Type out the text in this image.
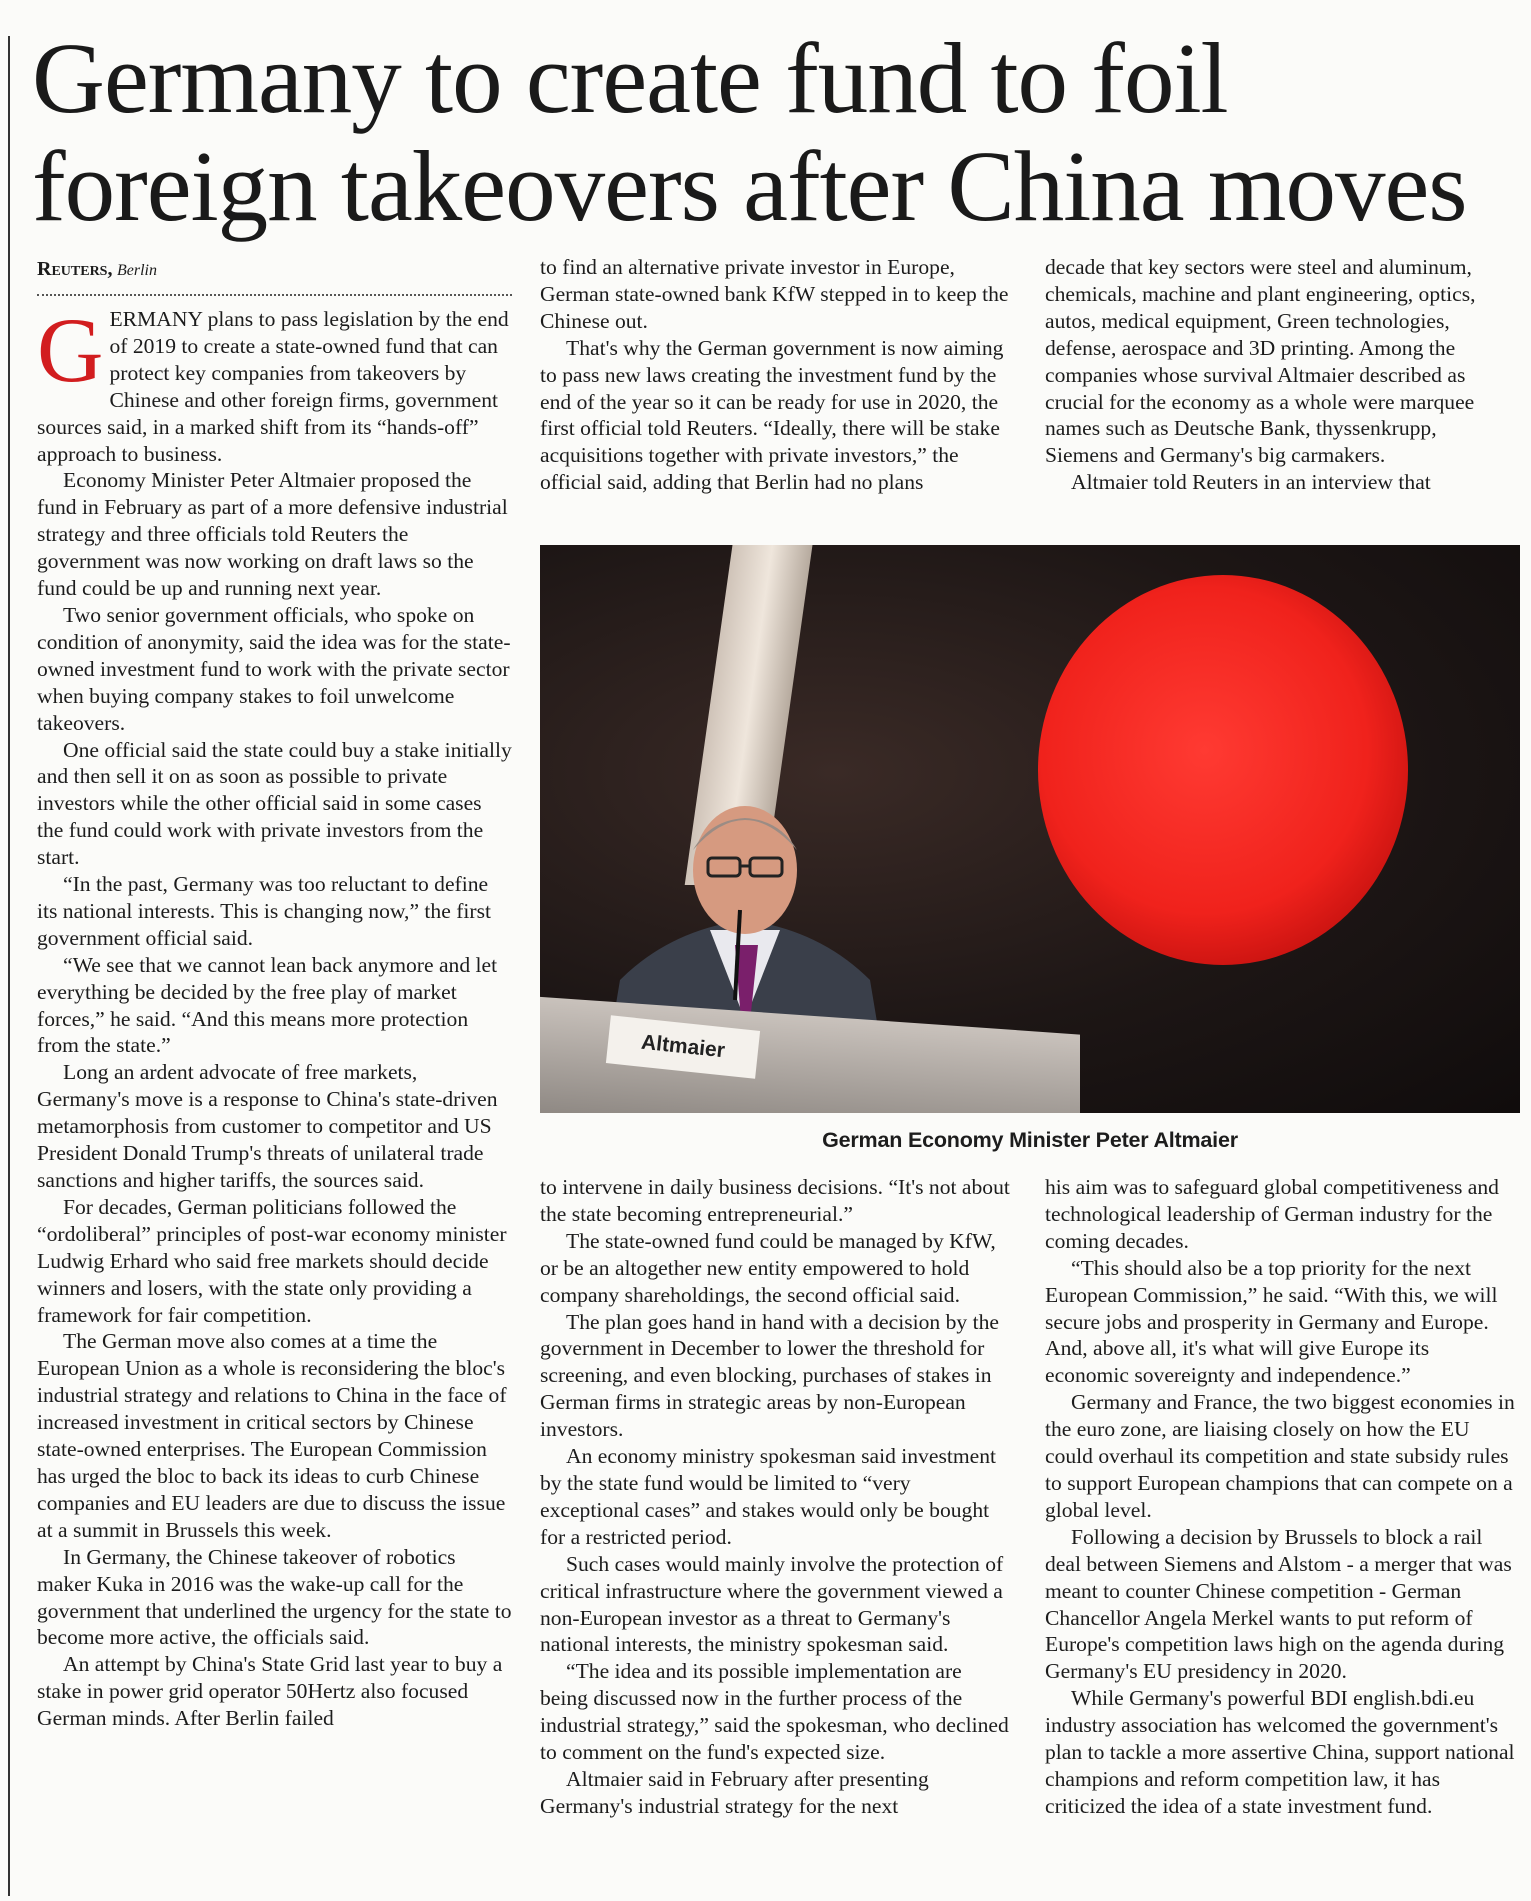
Germany to create fund to foil foreign takeovers after China moves
Reuters, Berlin

GERMANY plans to pass legislation by the end of 2019 to create a state-owned fund that can protect key companies from takeovers by Chinese and other foreign firms, government sources said, in a marked shift from its “hands-off” approach to business.

Economy Minister Peter Altmaier proposed the fund in February as part of a more defensive industrial strategy and three officials told Reuters the government was now working on draft laws so the fund could be up and running next year.

Two senior government officials, who spoke on condition of anonymity, said the idea was for the state-owned investment fund to work with the private sector when buying company stakes to foil unwelcome takeovers.

One official said the state could buy a stake initially and then sell it on as soon as possible to private investors while the other official said in some cases the fund could work with private investors from the start.

“In the past, Germany was too reluctant to define its national interests. This is changing now,” the first government official said.

“We see that we cannot lean back anymore and let everything be decided by the free play of market forces,” he said. “And this means more protection from the state.”

Long an ardent advocate of free markets, Germany's move is a response to China's state-driven metamorphosis from customer to competitor and US President Donald Trump's threats of unilateral trade sanctions and higher tariffs, the sources said.

For decades, German politicians followed the “ordoliberal” principles of post-war economy minister Ludwig Erhard who said free markets should decide winners and losers, with the state only providing a framework for fair competition.

The German move also comes at a time the European Union as a whole is reconsidering the bloc's industrial strategy and relations to China in the face of increased investment in critical sectors by Chinese state-owned enterprises. The European Commission has urged the bloc to back its ideas to curb Chinese companies and EU leaders are due to discuss the issue at a summit in Brussels this week.

In Germany, the Chinese takeover of robotics maker Kuka in 2016 was the wake-up call for the government that underlined the urgency for the state to become more active, the officials said.

An attempt by China's State Grid last year to buy a stake in power grid operator 50Hertz also focused German minds. After Berlin failed

to find an alternative private investor in Europe, German state-owned bank KfW stepped in to keep the Chinese out.

That's why the German government is now aiming to pass new laws creating the investment fund by the end of the year so it can be ready for use in 2020, the first official told Reuters. “Ideally, there will be stake acquisitions together with private investors,” the official said, adding that Berlin had no plans

decade that key sectors were steel and aluminum, chemicals, machine and plant engineering, optics, autos, medical equipment, Green technologies, defense, aerospace and 3D printing. Among the companies whose survival Altmaier described as crucial for the economy as a whole were marquee names such as Deutsche Bank, thyssenkrupp, Siemens and Germany's big carmakers.

Altmaier told Reuters in an interview that

Altmaier
German Economy Minister Peter Altmaier

to intervene in daily business decisions. “It's not about the state becoming entrepreneurial.”

The state-owned fund could be managed by KfW, or be an altogether new entity empowered to hold company shareholdings, the second official said.

The plan goes hand in hand with a decision by the government in December to lower the threshold for screening, and even blocking, purchases of stakes in German firms in strategic areas by non-European investors.

An economy ministry spokesman said investment by the state fund would be limited to “very exceptional cases” and stakes would only be bought for a restricted period.

Such cases would mainly involve the protection of critical infrastructure where the government viewed a non-European investor as a threat to Germany's national interests, the ministry spokesman said.

“The idea and its possible implementation are being discussed now in the further process of the industrial strategy,” said the spokesman, who declined to comment on the fund's expected size.

Altmaier said in February after presenting Germany's industrial strategy for the next

his aim was to safeguard global competitiveness and technological leadership of German industry for the coming decades.

“This should also be a top priority for the next European Commission,” he said. “With this, we will secure jobs and prosperity in Germany and Europe. And, above all, it's what will give Europe its economic sovereignty and independence.”

Germany and France, the two biggest economies in the euro zone, are liaising closely on how the EU could overhaul its competition and state subsidy rules to support European champions that can compete on a global level.

Following a decision by Brussels to block a rail deal between Siemens and Alstom - a merger that was meant to counter Chinese competition - German Chancellor Angela Merkel wants to put reform of Europe's competition laws high on the agenda during Germany's EU presidency in 2020.

While Germany's powerful BDI english.bdi.eu industry association has welcomed the government's plan to tackle a more assertive China, support national champions and reform competition law, it has criticized the idea of a state investment fund.
